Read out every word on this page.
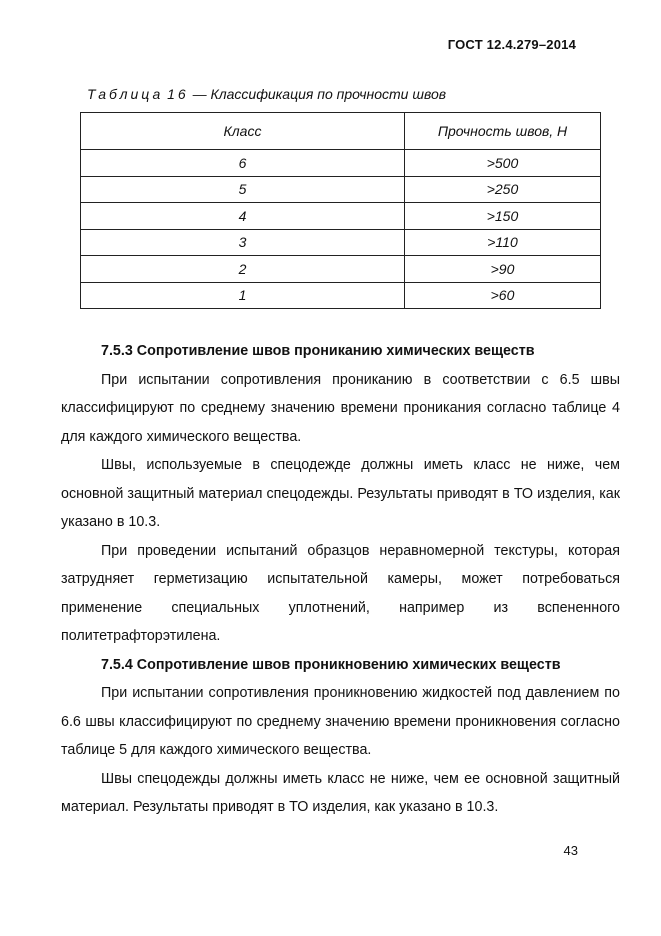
ГОСТ 12.4.279–2014
Таблица 16 — Классификация по прочности швов
Класс	Прочность швов, Н
6	>500
5	>250
4	>150
3	>110
2	>90
1	>60
7.5.3 Сопротивление швов проникaнию химических веществ

При испытании сопротивления проникaнию в соответствии с 6.5 швы классифицируют по среднему значению времени проникания согласно таблице 4 для каждого химического вещества.

Швы, используемые в спецодежде должны иметь класс не ниже, чем основной защитный материал спецодежды. Результаты приводят в ТО изделия, как указано в 10.3.

При проведении испытаний образцов неравномерной текстуры, которая затрудняет герметизацию испытательной камеры, может потребоваться применение специальных уплотнений, например из вспененного политетрафторэтилена.

7.5.4 Сопротивление швов проникновению химических веществ

При испытании сопротивления проникновению жидкостей под давлением по 6.6 швы классифицируют по среднему значению времени проникновения согласно таблице 5 для каждого химического вещества.

Швы спецодежды должны иметь класс не ниже, чем ее основной защитный материал. Результаты приводят в ТО изделия, как указано в 10.3.

43
